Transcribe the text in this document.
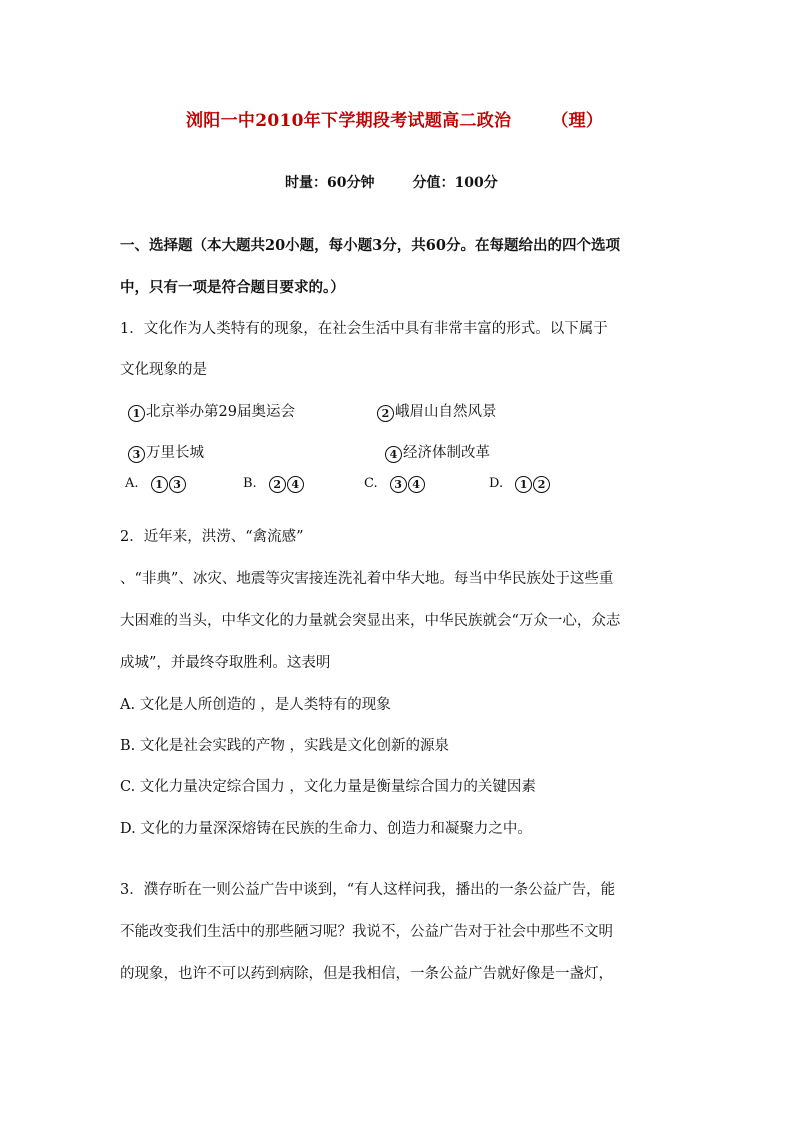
浏阳一中2010年下学期段考试题高二政治 （理）
时量：60分钟	分值：100分
一、选择题（本大题共20小题，每小题3分，共60分。在每题给出的四个选项
中，只有一项是符合题目要求的。）
1．文化作为人类特有的现象，在社会生活中具有非常丰富的形式。以下属于
文化现象的是
1 北京举办第29届奥运会	2 峨眉山自然风景
3 万里长城	4 经济体制改革
A. 1 3	B. 2 4	C. 3 4	D. 1 2
2．近年来，洪涝、“禽流感”
、“非典”、冰灾、地震等灾害接连洗礼着中华大地。每当中华民族处于这些重
大困难的当头，中华文化的力量就会突显出来，中华民族就会“万众一心，众志
成城”，并最终夺取胜利。这表明
A. 文化是人所创造的 ，是人类特有的现象
B. 文化是社会实践的产物 ，实践是文化创新的源泉
C. 文化力量决定综合国力 ，文化力量是衡量综合国力的关键因素
D. 文化的力量深深熔铸在民族的生命力、创造力和凝聚力之中。
3．濮存昕在一则公益广告中谈到，“有人这样问我，播出的一条公益广告，能
不能改变我们生活中的那些陋习呢？我说不，公益广告对于社会中那些不文明
的现象，也许不可以药到病除，但是我相信，一条公益广告就好像是一盏灯，
